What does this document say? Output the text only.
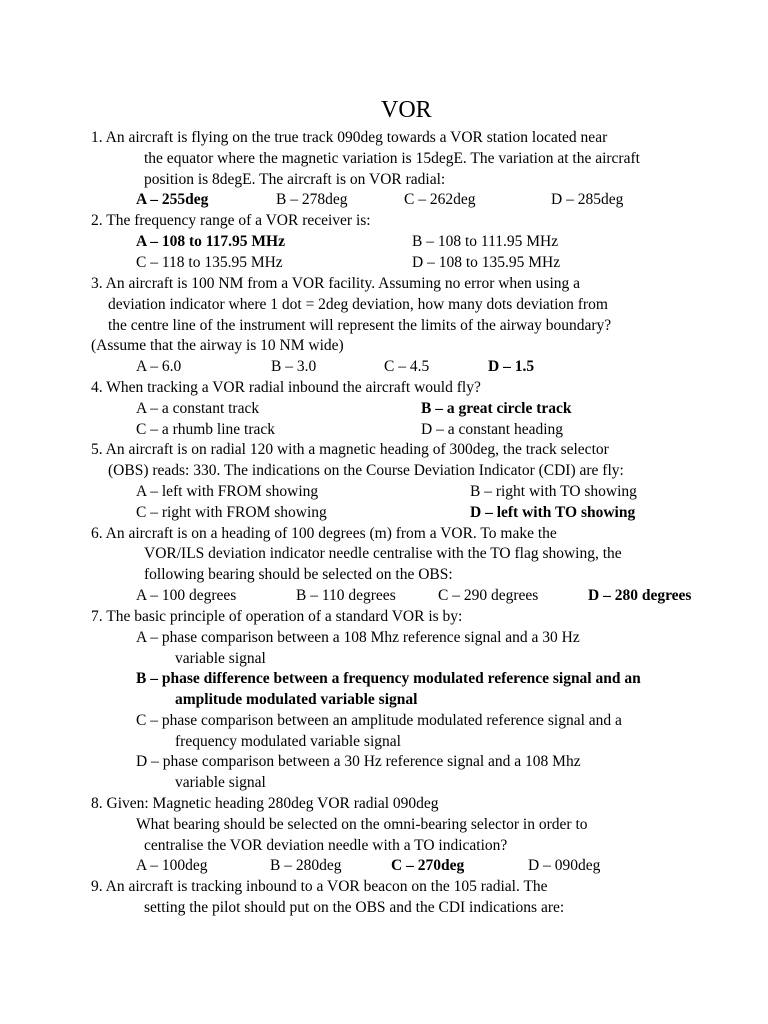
VOR
1. An aircraft is flying on the true track 090deg towards a VOR station located near
the equator where the magnetic variation is 15degE. The variation at the aircraft
position is 8degE. The aircraft is on VOR radial:
A – 255deg	B – 278deg	C – 262deg	D – 285deg
2. The frequency range of a VOR receiver is:
A – 108 to 117.95 MHz	B – 108 to 111.95 MHz
C – 118 to 135.95 MHz	D – 108 to 135.95 MHz
3. An aircraft is 100 NM from a VOR facility. Assuming no error when using a
deviation indicator where 1 dot = 2deg deviation, how many dots deviation from
the centre line of the instrument will represent the limits of the airway boundary?
(Assume that the airway is 10 NM wide)
A – 6.0	B – 3.0	C – 4.5	D – 1.5
4. When tracking a VOR radial inbound the aircraft would fly?
A – a constant track	B – a great circle track
C – a rhumb line track	D – a constant heading
5. An aircraft is on radial 120 with a magnetic heading of 300deg, the track selector
(OBS) reads: 330. The indications on the Course Deviation Indicator (CDI) are fly:
A – left with FROM showing	B – right with TO showing
C – right with FROM showing	D – left with TO showing
6. An aircraft is on a heading of 100 degrees (m) from a VOR. To make the
VOR/ILS deviation indicator needle centralise with the TO flag showing, the
following bearing should be selected on the OBS:
A – 100 degrees	B – 110 degrees	C – 290 degrees	D – 280 degrees
7. The basic principle of operation of a standard VOR is by:
A – phase comparison between a 108 Mhz reference signal and a 30 Hz
variable signal
B – phase difference between a frequency modulated reference signal and an
amplitude modulated variable signal
C – phase comparison between an amplitude modulated reference signal and a
frequency modulated variable signal
D – phase comparison between a 30 Hz reference signal and a 108 Mhz
variable signal
8. Given: Magnetic heading 280deg VOR radial 090deg
What bearing should be selected on the omni-bearing selector in order to
centralise the VOR deviation needle with a TO indication?
A – 100deg	B – 280deg	C – 270deg	D – 090deg
9. An aircraft is tracking inbound to a VOR beacon on the 105 radial. The
setting the pilot should put on the OBS and the CDI indications are:
